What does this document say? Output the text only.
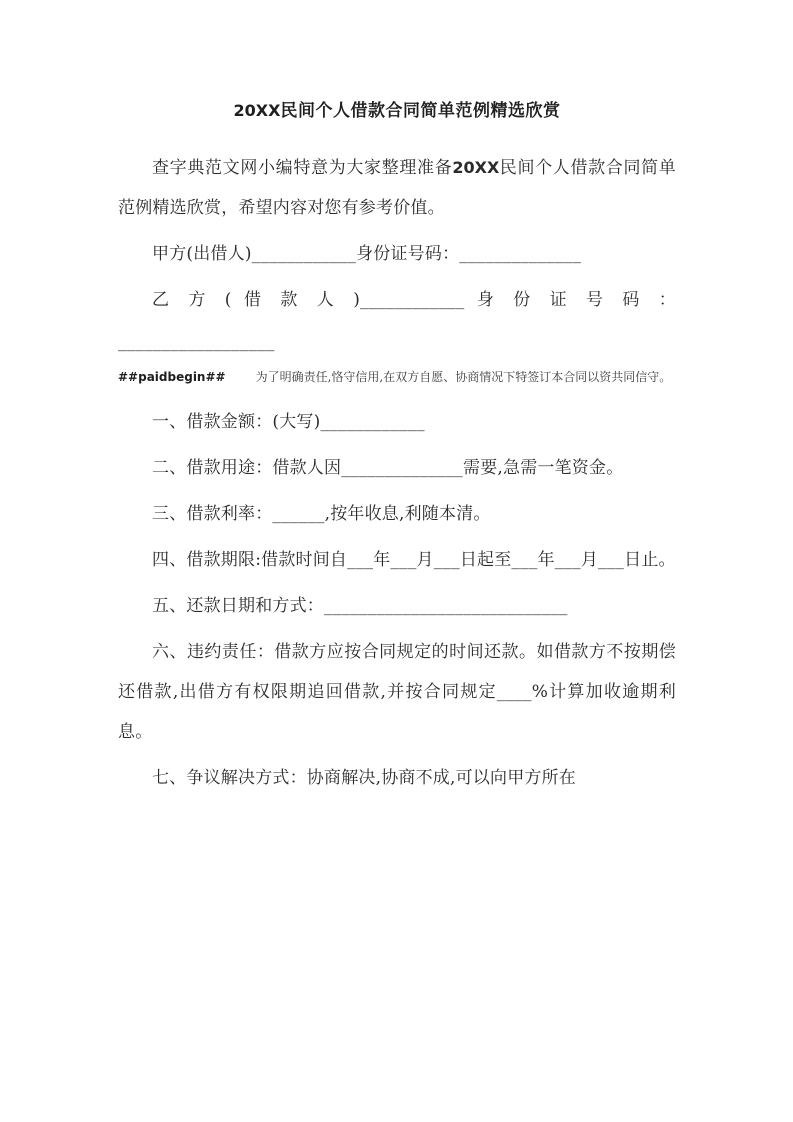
20XX民间个人借款合同简单范例精选欣赏

查字典范文网小编特意为大家整理准备20XX民间个人借款合同简单范例精选欣赏，希望内容对您有参考价值。

甲方(出借人)____________身份证号码：______________

乙 方 ( 借 款 人 )____________ 身 份 证 号 码 ：

__________________

##paidbegin##	为了明确责任,恪守信用,在双方自愿、协商情况下特签订本合同以资共同信守。

一、借款金额：(大写)____________

二、借款用途：借款人因______________需要,急需一笔资金。

三、借款利率：______,按年收息,利随本清。

四、借款期限:借款时间自___年___月___日起至___年___月___日止。

五、还款日期和方式：____________________________

六、违约责任：借款方应按合同规定的时间还款。如借款方不按期偿还借款,出借方有权限期追回借款,并按合同规定____%计算加收逾期利息。

七、争议解决方式：协商解决,协商不成,可以向甲方所在
